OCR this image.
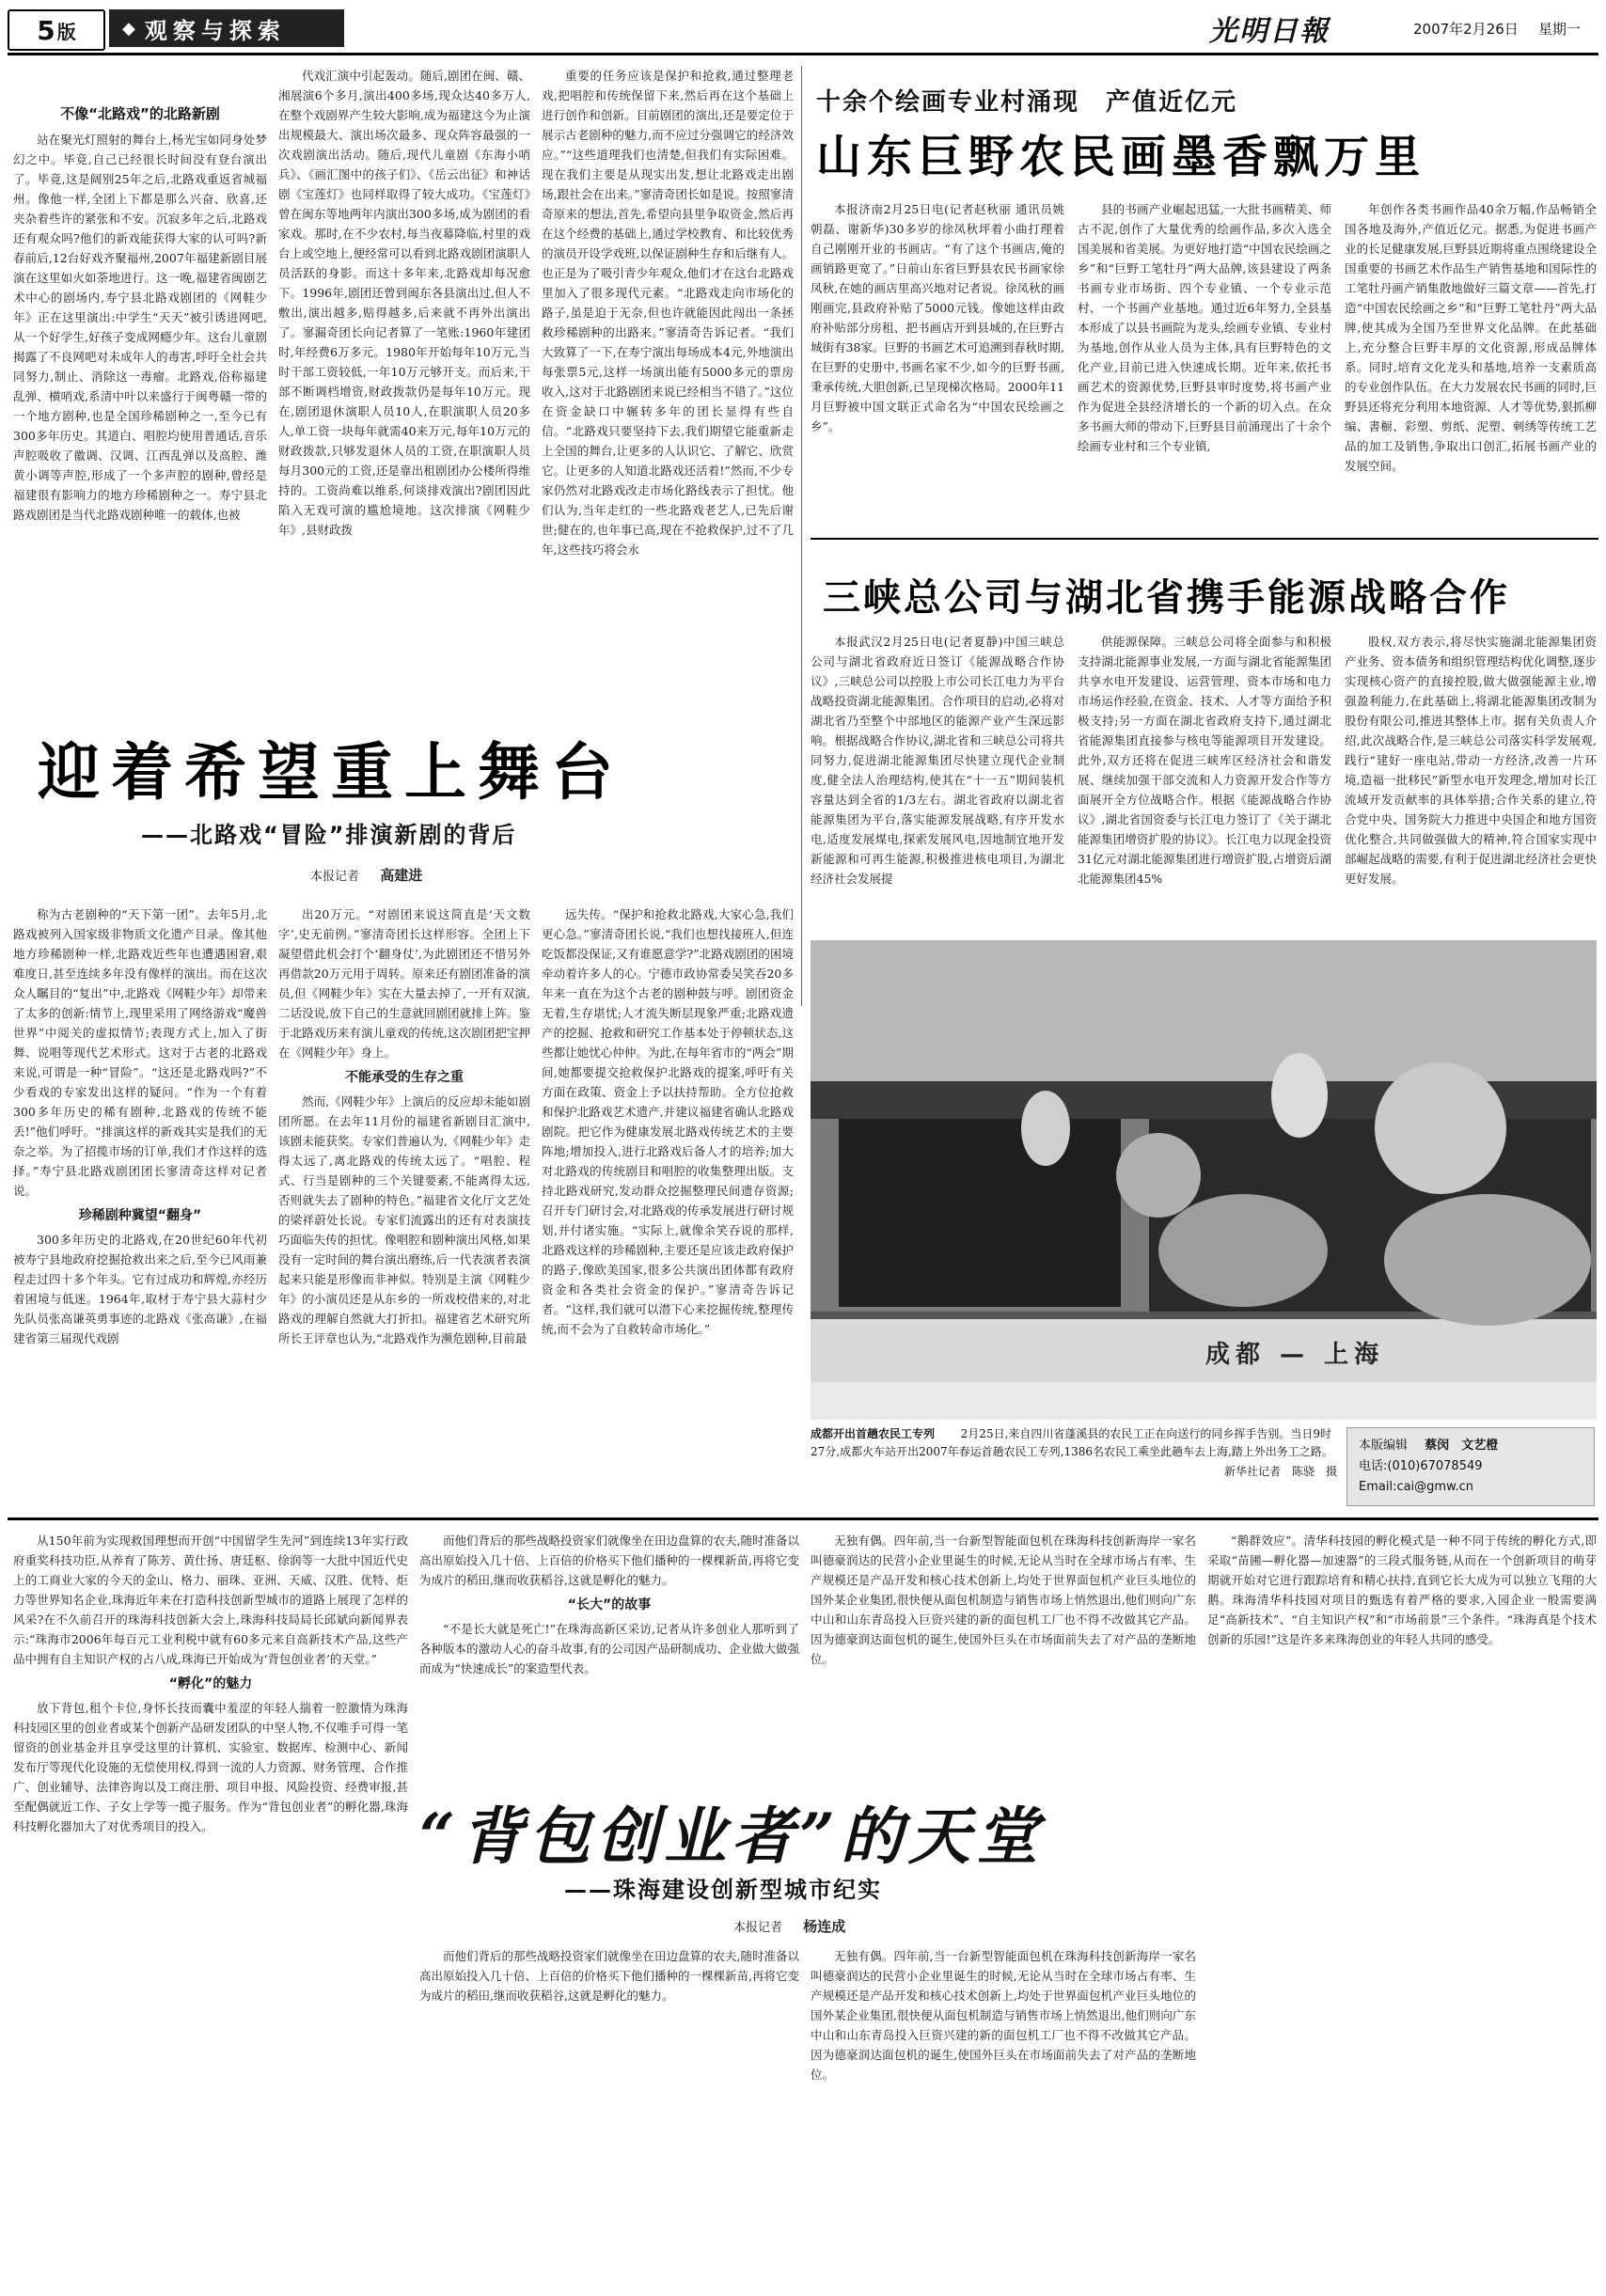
5 版	◆ 观察与探索	光明日報	2007年2月26日 星期一
十余个绘画专业村涌现　产值近亿元
山东巨野农民画墨香飘万里
本报济南2月25日电(记者赵秋丽 通讯员姚朝磊、谢新华)30多岁的徐凤秋坪着小曲打理着自己刚刚开业的书画店。“有了这个书画店,俺的画销路更宽了。”日前山东省巨野县农民书画家徐凤秋,在她的画店里高兴地对记者说。徐凤秋的画刚画完,县政府补贴了5000元钱。像她这样由政府补贴部分房租、把书画店开到县城的,在巨野古城街有38家。巨野的书画艺术可追溯到春秋时期,在巨野的史册中,书画名家不少,如今的巨野书画,秉承传统,大胆创新,已呈现梯次格局。2000年11月巨野被中国文联正式命名为“中国农民绘画之乡”。
县的书画产业崛起迅猛,一大批书画精美、师古不泥,创作了大量优秀的绘画作品,多次入选全国美展和省美展。为更好地打造“中国农民绘画之乡”和“巨野工笔牡丹”两大品牌,该县建设了两条书画专业市场街、四个专业镇、一个专业示范村、一个书画产业基地。通过近6年努力,全县基本形成了以县书画院为龙头,绘画专业镇、专业村为基地,创作从业人员为主体,具有巨野特色的文化产业,目前已进入快速成长期。近年来,依托书画艺术的资源优势,巨野县审时度势,将书画产业作为促进全县经济增长的一个新的切入点。在众多书画大师的带动下,巨野县目前涌现出了十余个绘画专业村和三个专业镇,
年创作各类书画作品40余万幅,作品畅销全国各地及海外,产值近亿元。据悉,为促进书画产业的长足健康发展,巨野县近期将重点围绕建设全国重要的书画艺术作品生产销售基地和国际性的工笔牡丹画产销集散地做好三篇文章——首先,打造“中国农民绘画之乡”和“巨野工笔牡丹”两大品牌,使其成为全国乃至世界文化品牌。在此基础上,充分整合巨野丰厚的文化资源,形成品牌体系。同时,培育文化龙头和基地,培养一支素质高的专业创作队伍。在大力发展农民书画的同时,巨野县还将充分利用本地资源、人才等优势,狠抓柳编、書橱、彩塑、剪纸、泥塑、刺绣等传统工艺品的加工及销售,争取出口创汇,拓展书画产业的发展空间。
三峡总公司与湖北省携手能源战略合作
本报武汉2月25日电(记者夏静)中国三峡总公司与湖北省政府近日签订《能源战略合作协议》,三峡总公司以控股上市公司长江电力为平台战略投资湖北能源集团。合作项目的启动,必将对湖北省乃至整个中部地区的能源产业产生深远影响。根据战略合作协议,湖北省和三峡总公司将共同努力,促进湖北能源集团尽快建立现代企业制度,健全法人治理结构,使其在“十一五”期间装机容量达到全省的1/3左右。湖北省政府以湖北省能源集团为平台,落实能源发展战略,有序开发水电,适度发展煤电,探索发展风电,因地制宜地开发新能源和可再生能源,积极推进核电项目,为湖北经济社会发展提
供能源保障。三峡总公司将全面参与和积极支持湖北能源事业发展,一方面与湖北省能源集团共享水电开发建设、运营管理、资本市场和电力市场运作经验,在资金、技术、人才等方面给予积极支持;另一方面在湖北省政府支持下,通过湖北省能源集团直接参与核电等能源项目开发建设。此外,双方还将在促进三峡库区经济社会和谐发展、继续加强干部交流和人力资源开发合作等方面展开全方位战略合作。根据《能源战略合作协议》,湖北省国资委与长江电力签订了《关于湖北能源集团增资扩股的协议》。长江电力以现金投资31亿元对湖北能源集团进行增资扩股,占增资后湖北能源集团45%
股权,双方表示,将尽快实施湖北能源集团资产业务、资本债务和组织管理结构优化调整,逐步实现核心资产的直接控股,做大做强能源主业,增强盈利能力,在此基础上,将湖北能源集团改制为股份有限公司,推进其整体上市。据有关负责人介绍,此次战略合作,是三峡总公司落实科学发展观,践行“建好一座电站,带动一方经济,改善一片环境,造福一批移民”新型水电开发理念,增加对长江流域开发贡献率的具体举措;合作关系的建立,符合党中央、国务院大力推进中央国企和地方国资优化整合,共同做强做大的精神,符合国家实现中部崛起战略的需要,有利于促进湖北经济社会更快更好发展。
不像“北路戏”的北路新剧
站在聚光灯照射的舞台上,杨光宝如同身处梦幻之中。毕竟,自己已经很长时间没有登台演出了。毕竟,这是阔别25年之后,北路戏重返省城福州。像他一样,全团上下都是那么兴奋、欣喜,还夹杂着些许的紧张和不安。沉寂多年之后,北路戏还有观众吗?他们的新戏能获得大家的认可吗?新春前后,12台好戏齐聚福州,2007年福建新剧目展演在这里如火如荼地进行。这一晚,福建省闽剧艺术中心的剧场内,寿宁县北路戏剧团的《网鞋少年》正在这里演出:中学生“天天”被引诱进网吧,从一个好学生,好孩子变成网瘾少年。这台儿童剧揭露了不良网吧对未成年人的毒害,呼吁全社会共同努力,制止、消除这一毒瘤。北路戏,俗称福建乱弹、横哨戏,系清中叶以来盛行于闽粤赣一带的一个地方剧种,也是全国珍稀剧种之一,至今已有300多年历史。其道白、唱腔均使用普通话,音乐声腔吸收了徽调、汉调、江西乱弹以及高腔、潍黄小调等声腔,形成了一个多声腔的剧种,曾经是福建很有影响力的地方珍稀剧种之一。寿宁县北路戏剧团是当代北路戏剧种唯一的载体,也被
代戏汇演中引起轰动。随后,剧团在闽、赣、湘展演6个多月,演出400多场,现众达40多万人,在整个戏剧界产生较大影响,成为福建这今为止演出规模最大、演出场次最多、现众阵容最强的一次戏剧演出活动。随后,现代儿童剧《东海小哨兵》、《画汇图中的孩子们》、《岳云出征》和神话剧《宝莲灯》也同样取得了较大成功。《宝莲灯》曾在闽东等地两年内演出300多场,成为剧团的看家戏。那时,在不少农村,每当夜幕降临,村里的戏台上或空地上,便经常可以看到北路戏剧团演职人员活跃的身影。而这十多年来,北路戏却每况愈下。1996年,剧团还曾到闽东各县演出过,但人不敷出,演出越多,赔得越多,后来就不再外出演出了。寥漏奇团长向记者算了一笔账:1960年建团时,年经费6万多元。1980年开始每年10万元,当时干部工资较低,一年10万元够开支。而后来,干部不断调档增资,财政拨款仍是每年10万元。现在,剧团退休演职人员10人,在职演职人员20多人,单工资一块每年就需40来万元,每年10万元的财政拨款,只够发退休人员的工资,在职演职人员每月300元的工资,还是靠出租剧团办公楼所得维持的。工资尚难以维系,何谈排戏演出?剧团因此陷入无戏可演的尴尬境地。这次排演《网鞋少年》,县财政拨
重要的任务应该是保护和抢救,通过整理老戏,把唱腔和传统保留下来,然后再在这个基础上进行创作和创新。目前剧团的演出,还是要定位于展示古老剧种的魅力,而不应过分强调它的经济效应。”“这些道理我们也清楚,但我们有实际困难。现在我们主要是从现实出发,想让北路戏走出剧场,跟社会在出来。”寥清奇团长如是说。按照寥清奇原来的想法,首先,希望向县里争取资金,然后再在这个经费的基础上,通过学校教育、和比较优秀的演员开设学戏班,以保证剧种生存和后继有人。也正是为了吸引青少年观众,他们才在这台北路戏里加入了很多现代元素。“北路戏走向市场化的路子,虽是迫于无奈,但也许就能因此闯出一条拯救珍稀剧种的出路来。”寥清奇告诉记者。“我们大致算了一下,在寿宁演出每场成本4元,外地演出每张票5元,这样一场演出能有5000多元的票房收入,这对于北路剧团来说已经相当不错了。”这位在资金缺口中辗转多年的团长显得有些自信。“北路戏只要坚持下去,我们期望它能重新走上全国的舞台,让更多的人认识它、了解它、欣赏它。让更多的人知道北路戏还活着!”然而,不少专家仍然对北路戏改走市场化路线表示了担忧。他们认为,当年走红的一些北路戏老艺人,已先后谢世;健在的,也年事已高,现在不抢救保护,过不了几年,这些技巧将会永
迎着希望重上舞台
——北路戏“冒险”排演新剧的背后
本报记者 高建进

称为古老剧种的“天下第一团”。去年5月,北路戏被列入国家级非物质文化遗产目录。像其他地方珍稀剧种一样,北路戏近些年也遭遇困窘,艰难度日,甚至连续多年没有像样的演出。而在这次众人瞩目的“复出”中,北路戏《网鞋少年》却带来了太多的创新:情节上,现里采用了网络游戏“魔兽世界”中阅关的虚拟情节;表现方式上,加入了街舞、说唱等现代艺术形式。这对于古老的北路戏来说,可谓是一种“冒险”。“这还是北路戏吗?”不少看戏的专家发出这样的疑问。“作为一个有着300多年历史的稀有剧种,北路戏的传统不能丢!”他们呼吁。“排演这样的新戏其实是我们的无奈之举。为了招揽市场的订单,我们才作这样的选择。”寿宁县北路戏剧团团长寥清奇这样对记者说。

珍稀剧种冀望“翻身”

300多年历史的北路戏,在20世纪60年代初被寿宁县地政府挖掘抢救出来之后,至今已风雨兼程走过四十多个年头。它有过成功和辉煌,亦经历着困境与低迷。1964年,取材于寿宁县大蒜村少先队员张高谦英勇事迹的北路戏《张高谦》,在福建省第三届现代戏剧

出20万元。“对剧团来说这简直是‘天文数字’,史无前例。”寥清奇团长这样形容。全团上下凝望借此机会打个‘翻身仗’,为此剧团还不惜另外再借款20万元用于周转。原来还有剧团准备的演员,但《网鞋少年》实在大量去掉了,一开有双演,二话没说,放下自己的生意就回剧团就排上阵。鉴于北路戏历来有演儿童戏的传统,这次剧团把宝押在《网鞋少年》身上。

不能承受的生存之重

然而,《网鞋少年》上演后的反应却未能如剧团所愿。在去年11月份的福建省新剧目汇演中,该剧未能获奖。专家们普遍认为,《网鞋少年》走得太远了,离北路戏的传统太远了。“唱腔、程式、行当是剧种的三个关键要素,不能离得太远,否则就失去了剧种的特色。”福建省文化厅文艺处的梁祥蔚处长说。专家们流露出的还有对表演技巧面临失传的担忧。像唱腔和剧种演出风格,如果没有一定时间的舞台演出磨练,后一代表演者表演起来只能是形像而非神似。特别是主演《网鞋少年》的小演员还是从东乡的一所戏校借来的,对北路戏的理解自然就大打折扣。福建省艺术研究所所长王评章也认为,“北路戏作为濒危剧种,目前最

远失传。“保护和抢救北路戏,大家心急,我们更心急。”寥清奇团长说,“我们也想找接班人,但连吃饭都没保证,又有谁愿意学?”北路戏剧团的困境牵动着许多人的心。宁德市政协常委吴笑吞20多年来一直在为这个古老的剧种鼓与呼。剧团资金无着,生存堪忧;人才流失断层现象严重;北路戏遗产的挖掘、抢救和研究工作基本处于停顿状态,这些都让她忧心仲仲。为此,在每年省市的“两会”期间,她都要提交抢救保护北路戏的提案,呼吁有关方面在政策、资金上予以扶持帮助。全方位抢救和保护北路戏艺术遗产,并建议福建省确认北路戏剧院。把它作为健康发展北路戏传统艺术的主要阵地;增加投入,进行北路戏后备人才的培养;加大对北路戏的传统剧目和唱腔的收集整理出版。支持北路戏研究,发动群众挖掘整理民间遗存资源;召开专门研讨会,对北路戏的传承发展进行研讨规划,并付诸实施。“实际上,就像余笑吞说的那样,北路戏这样的珍稀剧种,主要还是应该走政府保护的路子,像欧美国家,很多公共演出团体都有政府资金和各类社会资金的保护。”寥清奇告诉记者。“这样,我们就可以潜下心来挖掘传统,整理传统,而不会为了自救转命市场化。”
成都 — 上海
成都开出首趟农民工专列 2月25日,来自四川省蓬溪县的农民工正在向送行的同乡挥手告别。当日9时27分,成都火车站开出2007年春运首趟农民工专列,1386名农民工乘坐此趟车去上海,踏上外出务工之路。
新华社记者　陈骁　摄
本版编辑 蔡闵　文艺橙
电话:(010)67078549
Email:cai@gmw.cn

从150年前为实现救国理想而开创“中国留学生先河”到连续13年实行政府重奖科技功臣,从养育了陈芳、黄仕扬、唐廷枢、徐润等一大批中国近代史上的工商业大家的今天的金山、格力、丽珠、亚洲、天威、汉胜、优特、炬力等世界知名企业,珠海近年来在打造科技创新型城市的道路上展现了怎样的风采?在不久前召开的珠海科技创新大会上,珠海科技局局长邱斌向新闻界表示:“珠海市2006年每百元工业利税中就有60多元来自高新技术产品,这些产品中拥有自主知识产权的占八成,珠海已开始成为‘背包创业者’的天堂。”

“孵化”的魅力

放下背包,租个卡位,身怀长技而囊中羞涩的年轻人揣着一腔激情为珠海科技园区里的创业者或某个创新产品研发团队的中坚人物,不仅唯手可得一笔留资的创业基金并且享受这里的计算机、实验室、数据库、检测中心、新闻发布厅等现代化设施的无偿使用权,得到一流的人力资源、财务管理、合作推广、创业辅导、法律咨询以及工商注册、项目申报、风险投资、经费审报,甚至配偶就近工作、子女上学等一揽子服务。作为“背包创业者”的孵化器,珠海科技孵化器加大了对优秀项目的投入。

而他们背后的那些战略投资家们就像坐在田边盘算的农夫,随时准备以高出原始投入几十倍、上百倍的价格买下他们播种的一棵棵新苗,再将它变为成片的稻田,继而收获稻谷,这就是孵化的魅力。

“长大”的故事

“不是长大就是死亡!”在珠海高新区采访,记者从许多创业人那听到了各种版本的激动人心的奋斗故事,有的公司因产品研制成功、企业做大做强而成为“快速成长”的案造型代表。

无独有偶。四年前,当一台新型智能面包机在珠海科技创新海岸一家名叫德豪润达的民营小企业里诞生的时候,无论从当时在全球市场占有率、生产规模还是产品开发和核心技术创新上,均处于世界面包机产业巨头地位的国外某企业集团,很快便从面包机制造与销售市场上悄然退出,他们则向广东中山和山东青岛投入巨资兴建的新的面包机工厂也不得不改做其它产品。因为德豪润达面包机的诞生,使国外巨头在市场面前失去了对产品的垄断地位。
“鹅群效应”。清华科技园的孵化模式是一种不同于传统的孵化方式,即采取“苗圃—孵化器—加速器”的三段式服务链,从而在一个创新项目的萌芽期就开始对它进行跟踪培育和精心扶持,直到它长大成为可以独立飞翔的大鹅。珠海清华科技园对项目的甄选有着严格的要求,入园企业一般需要满足“高新技术”、“自主知识产权”和“市场前景”三个条件。“珠海真是个技术创新的乐园!”这是许多来珠海创业的年轻人共同的感受。
“背包创业者”的天堂
——珠海建设创新型城市纪实
本报记者 杨连成
而他们背后的那些战略投资家们就像坐在田边盘算的农夫,随时准备以高出原始投入几十倍、上百倍的价格买下他们播种的一棵棵新苗,再将它变为成片的稻田,继而收获稻谷,这就是孵化的魅力。
无独有偶。四年前,当一台新型智能面包机在珠海科技创新海岸一家名叫德豪润达的民营小企业里诞生的时候,无论从当时在全球市场占有率、生产规模还是产品开发和核心技术创新上,均处于世界面包机产业巨头地位的国外某企业集团,很快便从面包机制造与销售市场上悄然退出,他们则向广东中山和山东青岛投入巨资兴建的新的面包机工厂也不得不改做其它产品。因为德豪润达面包机的诞生,使国外巨头在市场面前失去了对产品的垄断地位。
